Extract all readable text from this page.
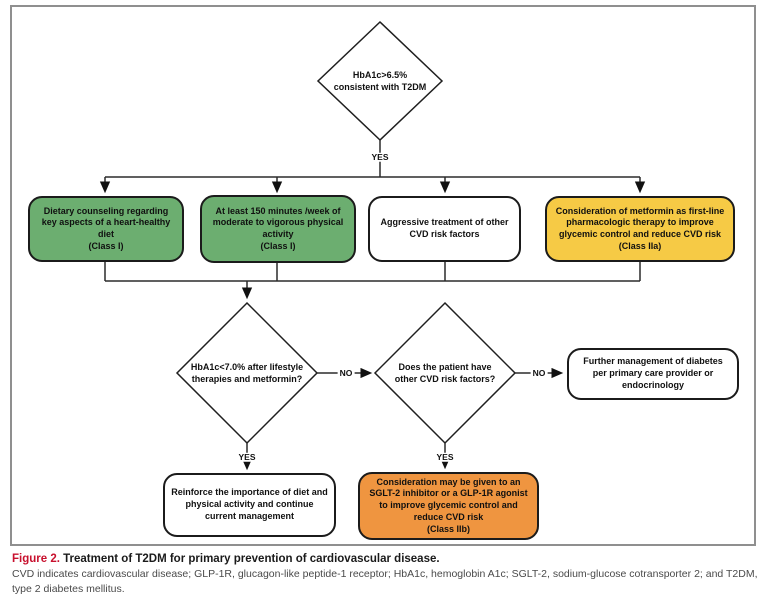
HbA1c>6.5% consistent with T2DM
HbA1c<7.0% after lifestyle therapies and metformin?
Does the patient have other CVD risk factors?
Dietary counseling regarding key aspects of a heart-healthy diet
(Class I)
At least 150 minutes /week of moderate to vigorous physical activity
(Class I)
Aggressive treatment of other CVD risk factors
Consideration of metformin as first-line pharmacologic therapy to improve glycemic control and reduce CVD risk
(Class IIa)
Further management of diabetes per primary care provider or endocrinology
Reinforce the importance of diet and physical activity and continue current management
Consideration may be given to an SGLT-2 inhibitor or a GLP-1R agonist to improve glycemic control and reduce CVD risk
(Class IIb)
YES
NO	NO
YES	YES
Figure 2. Treatment of T2DM for primary prevention of cardiovascular disease.
CVD indicates cardiovascular disease; GLP-1R, glucagon-like peptide-1 receptor; HbA1c, hemoglobin A1c; SGLT-2, sodium-glucose cotransporter 2; and T2DM, type 2 diabetes mellitus.
